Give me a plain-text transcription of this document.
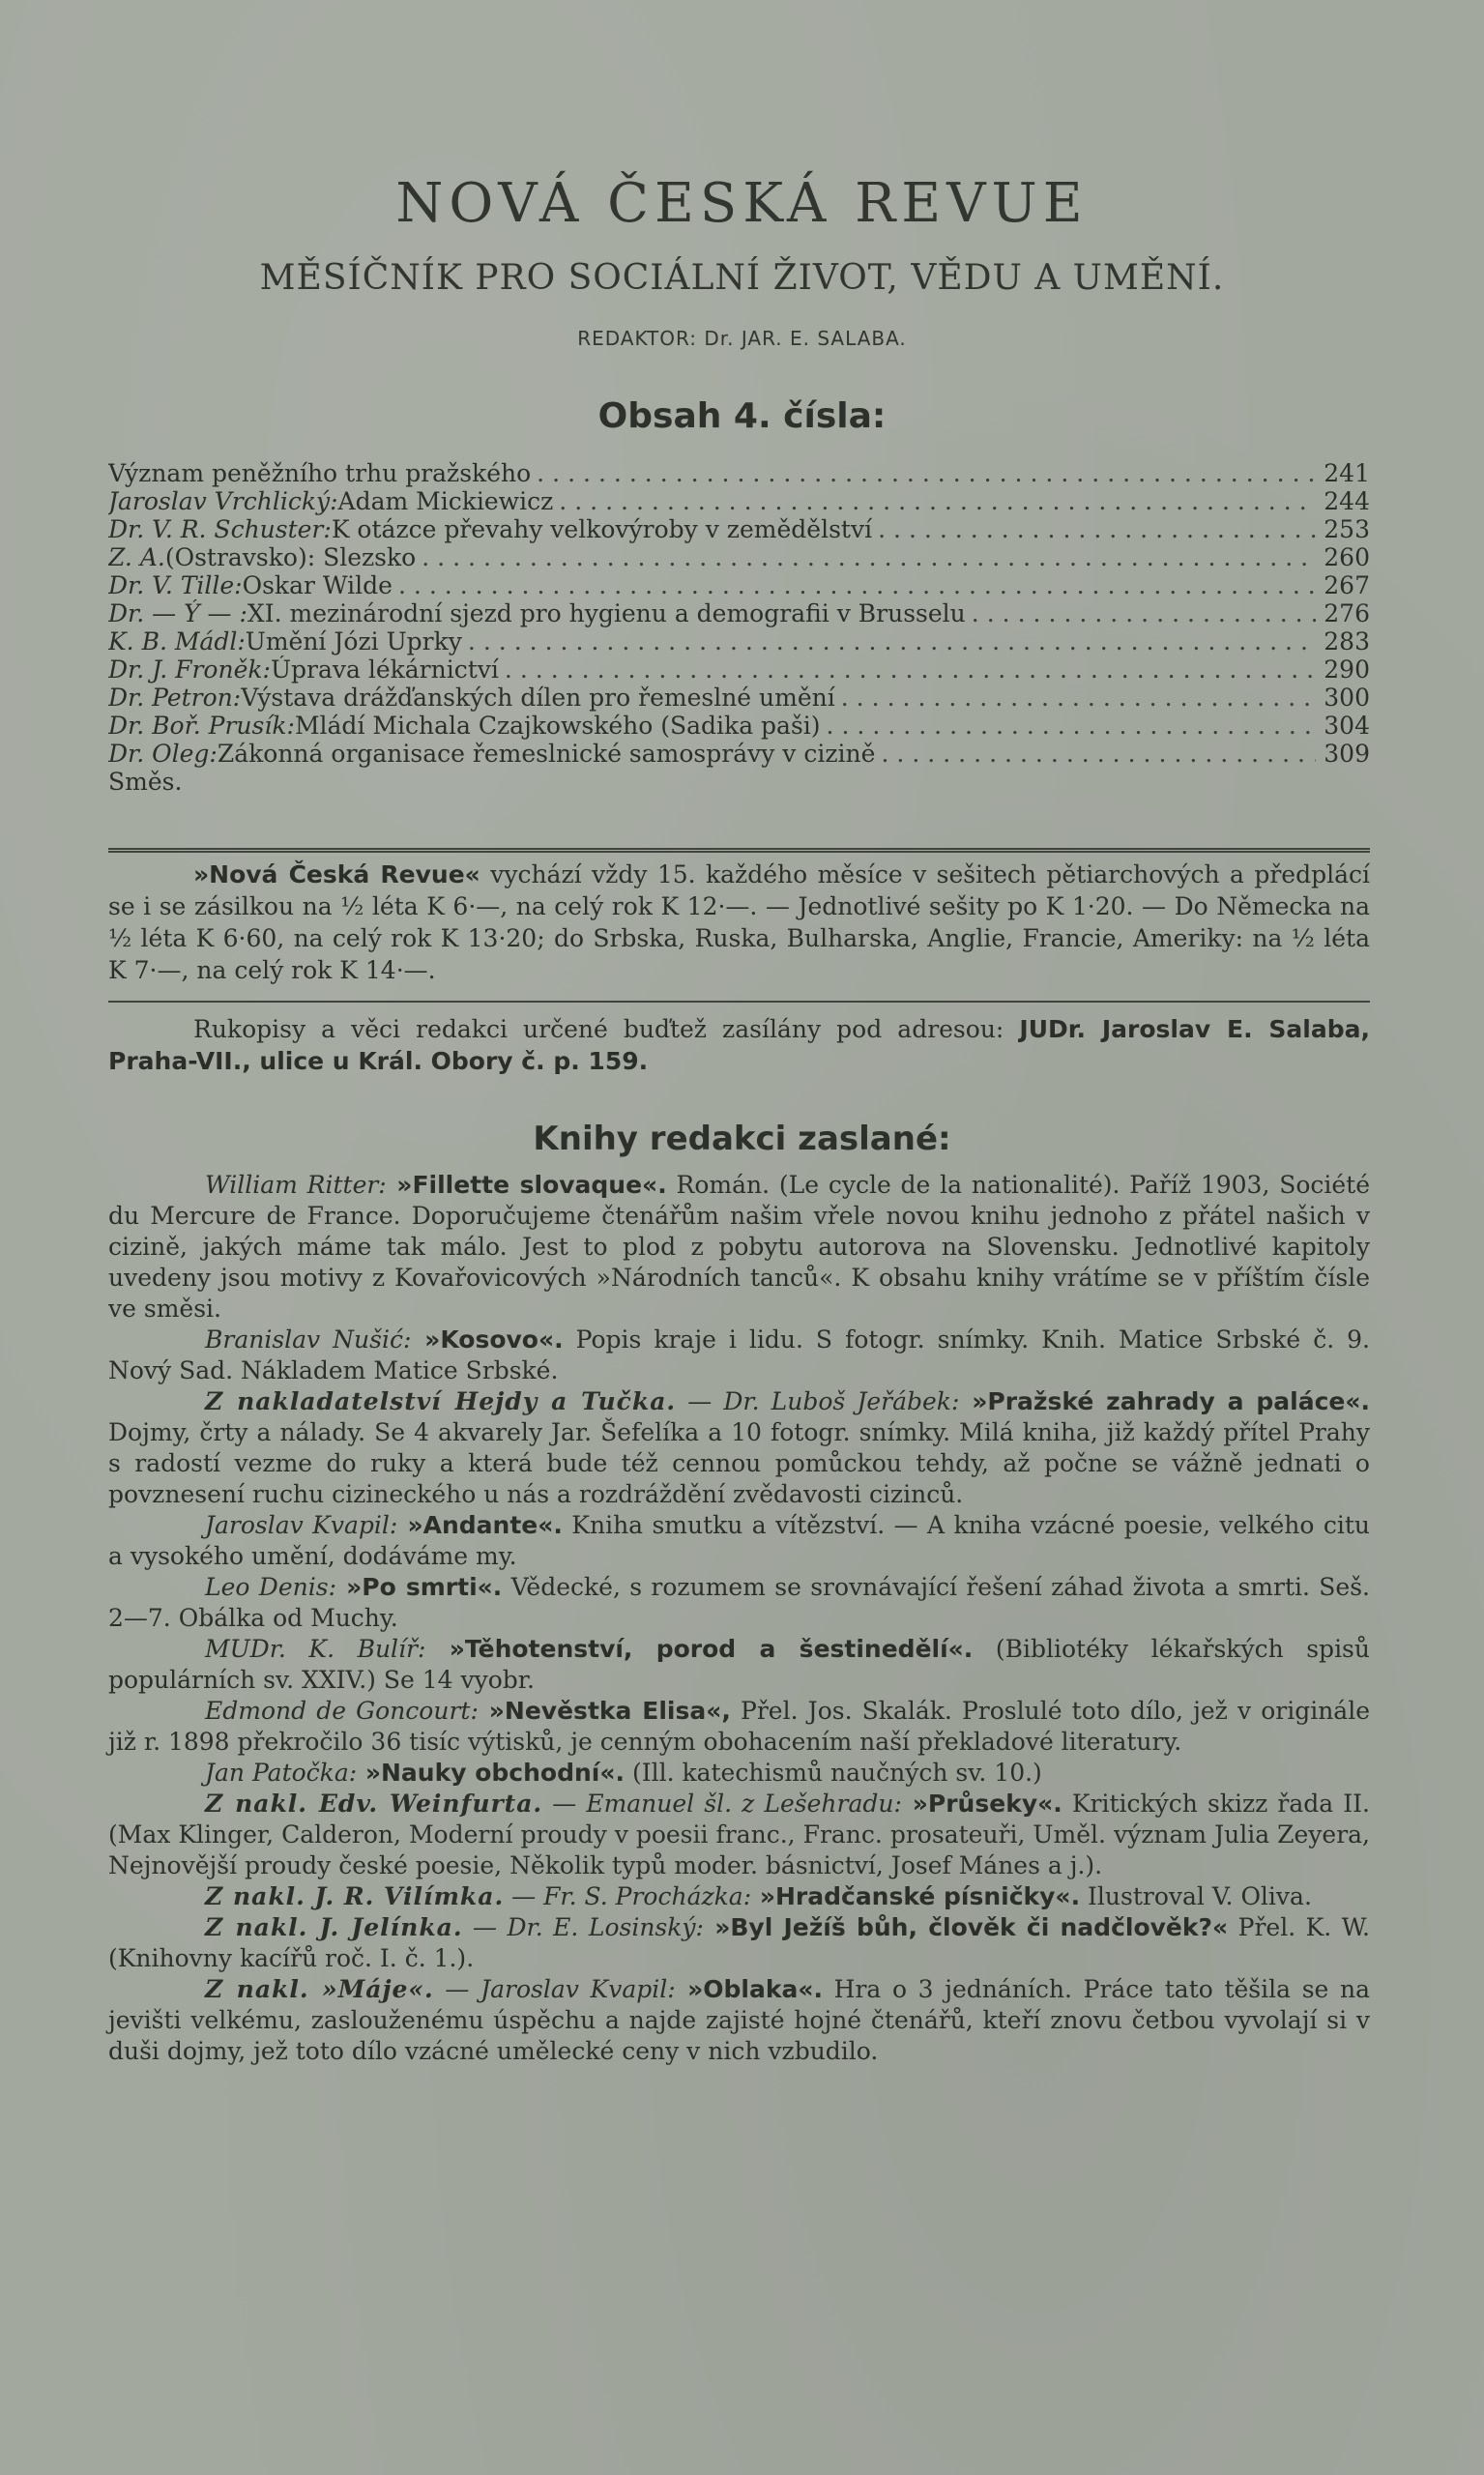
NOVÁ ČESKÁ REVUE
MĚSÍČNÍK PRO SOCIÁLNÍ ŽIVOT, VĚDU A UMĚNÍ.
REDAKTOR: Dr. JAR. E. SALABA.
Obsah 4. čísla:
Význam peněžního trhu pražského .....	241
Jaroslav Vrchlický: Adam Mickiewicz .....	244
Dr. V. R. Schuster: K otázce převahy velkovýroby v zemědělství .....	253
Z. A. (Ostravsko): Slezsko .....	260
Dr. V. Tille: Oskar Wilde .....	267
Dr. — Ý — : XI. mezinárodní sjezd pro hygienu a demografii v Brusselu .....	276
K. B. Mádl: Umění Józi Uprky .....	283
Dr. J. Froněk: Úprava lékárnictví .....	290
Dr. Petron: Výstava drážďanských dílen pro řemeslné umění .....	300
Dr. Boř. Prusík: Mládí Michala Czajkowského (Sadika paši) .....	304
Dr. Oleg: Zákonná organisace řemeslnické samosprávy v cizině .....	309
Směs.
»Nová Česká Revue« vychází vždy 15. každého měsíce v sešitech pětiarchových a předplácí se i se zásilkou na ½ léta K 6·—, na celý rok K 12·—. — Jednotlivé sešity po K 1·20. — Do Německa na ½ léta K 6·60, na celý rok K 13·20; do Srbska, Ruska, Bulharska, Anglie, Francie, Ameriky: na ½ léta K 7·—, na celý rok K 14·—.
Rukopisy a věci redakci určené buďtež zasílány pod adresou: JUDr. Jaroslav E. Salaba, Praha-VII., ulice u Král. Obory č. p. 159.
Knihy redakci zaslané:

William Ritter: »Fillette slovaque«. Román. (Le cycle de la nationalité). Paříž 1903, Société du Mercure de France. Doporučujeme čtenářům našim vřele novou knihu jednoho z přátel našich v cizině, jakých máme tak málo. Jest to plod z pobytu autorova na Slovensku. Jednotlivé kapitoly uvedeny jsou motivy z Kovařovicových »Národních tanců«. K obsahu knihy vrátíme se v příštím čísle ve směsi.

Branislav Nušić: »Kosovo«. Popis kraje i lidu. S fotogr. snímky. Knih. Matice Srbské č. 9. Nový Sad. Nákladem Matice Srbské.

Z nakladatelství Hejdy a Tučka. — Dr. Luboš Jeřábek: »Pražské zahrady a paláce«. Dojmy, črty a nálady. Se 4 akvarely Jar. Šefelíka a 10 fotogr. snímky. Milá kniha, již každý přítel Prahy s radostí vezme do ruky a která bude též cennou pomůckou tehdy, až počne se vážně jednati o povznesení ruchu cizineckého u nás a rozdráždění zvědavosti cizinců.

Jaroslav Kvapil: »Andante«. Kniha smutku a vítězství. — A kniha vzácné poesie, velkého citu a vysokého umění, dodáváme my.

Leo Denis: »Po smrti«. Vědecké, s rozumem se srovnávající řešení záhad života a smrti. Seš. 2—7. Obálka od Muchy.

MUDr. K. Bulíř: »Těhotenství, porod a šestinedělí«. (Bibliotéky lékařských spisů populárních sv. XXIV.) Se 14 vyobr.

Edmond de Goncourt: »Nevěstka Elisa«, Přel. Jos. Skalák. Proslulé toto dílo, jež v originále již r. 1898 překročilo 36 tisíc výtisků, je cenným obohacením naší překladové literatury.

Jan Patočka: »Nauky obchodní«. (Ill. katechismů naučných sv. 10.)

Z nakl. Edv. Weinfurta. — Emanuel šl. z Lešehradu: »Průseky«. Kritických skizz řada II. (Max Klinger, Calderon, Moderní proudy v poesii franc., Franc. prosateuři, Uměl. význam Julia Zeyera, Nejnovější proudy české poesie, Několik typů moder. básnictví, Josef Mánes a j.).

Z nakl. J. R. Vilímka. — Fr. S. Procházka: »Hradčanské písničky«. Ilustroval V. Oliva.

Z nakl. J. Jelínka. — Dr. E. Losinský: »Byl Ježíš bůh, člověk či nadčlověk?« Přel. K. W. (Knihovny kacířů roč. I. č. 1.).

Z nakl. »Máje«. — Jaroslav Kvapil: »Oblaka«. Hra o 3 jednáních. Práce tato těšila se na jevišti velkému, zaslouženému úspěchu a najde zajisté hojné čtenářů, kteří znovu četbou vyvolají si v duši dojmy, jež toto dílo vzácné umělecké ceny v nich vzbudilo.
